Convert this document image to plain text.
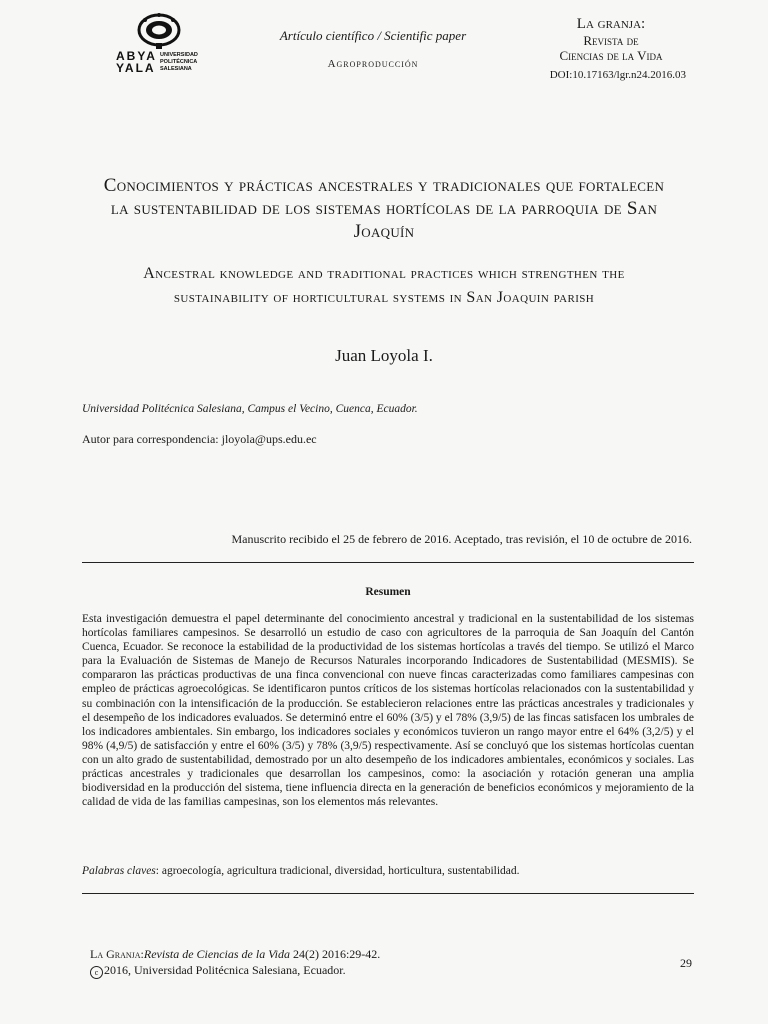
ABYA
YALA
UNIVERSIDAD
POLITÉCNICA
SALESIANA
Artículo científico / Scientific paper
Agroproducción
La granja:
Revista de
Ciencias de la Vida
DOI:10.17163/lgr.n24.2016.03
Conocimientos y prácticas ancestrales y tradicionales que fortalecen la sustentabilidad de los sistemas hortícolas de la parroquia de San Joaquín
Ancestral knowledge and traditional practices which strengthen the sustainability of horticultural systems in San Joaquin parish
Juan Loyola I.
Universidad Politécnica Salesiana, Campus el Vecino, Cuenca, Ecuador.
Autor para correspondencia: jloyola@ups.edu.ec
Manuscrito recibido el 25 de febrero de 2016. Aceptado, tras revisión, el 10 de octubre de 2016.
Resumen
Esta investigación demuestra el papel determinante del conocimiento ancestral y tradicional en la sustentabilidad de los sistemas hortícolas familiares campesinos. Se desarrolló un estudio de caso con agricultores de la parroquia de San Joaquín del Cantón Cuenca, Ecuador. Se reconoce la estabilidad de la productividad de los sistemas hortícolas a través del tiempo. Se utilizó el Marco para la Evaluación de Sistemas de Manejo de Recursos Naturales incorporando Indicadores de Sustentabilidad (MESMIS). Se compararon las prácticas productivas de una finca convencional con nueve fincas caracterizadas como familiares campesinas con empleo de prácticas agroecológicas. Se identificaron puntos críticos de los sistemas hortícolas relacionados con la sustentabilidad y su combinación con la intensificación de la producción. Se establecieron relaciones entre las prácticas ancestrales y tradicionales y el desempeño de los indicadores evaluados. Se determinó entre el 60% (3/5) y el 78% (3,9/5) de las fincas satisfacen los umbrales de los indicadores ambientales. Sin embargo, los indicadores sociales y económicos tuvieron un rango mayor entre el 64% (3,2/5) y el 98% (4,9/5) de satisfacción y entre el 60% (3/5) y 78% (3,9/5) respectivamente. Así se concluyó que los sistemas hortícolas cuentan con un alto grado de sustentabilidad, demostrado por un alto desempeño de los indicadores ambientales, económicos y sociales. Las prácticas ancestrales y tradicionales que desarrollan los campesinos, como: la asociación y rotación generan una amplia biodiversidad en la producción del sistema, tiene influencia directa en la generación de beneficios económicos y mejoramiento de la calidad de vida de las familias campesinas, son los elementos más relevantes.
Palabras claves: agroecología, agricultura tradicional, diversidad, horticultura, sustentabilidad.
La Granja:Revista de Ciencias de la Vida 24(2) 2016:29-42.
c 2016, Universidad Politécnica Salesiana, Ecuador.	29
